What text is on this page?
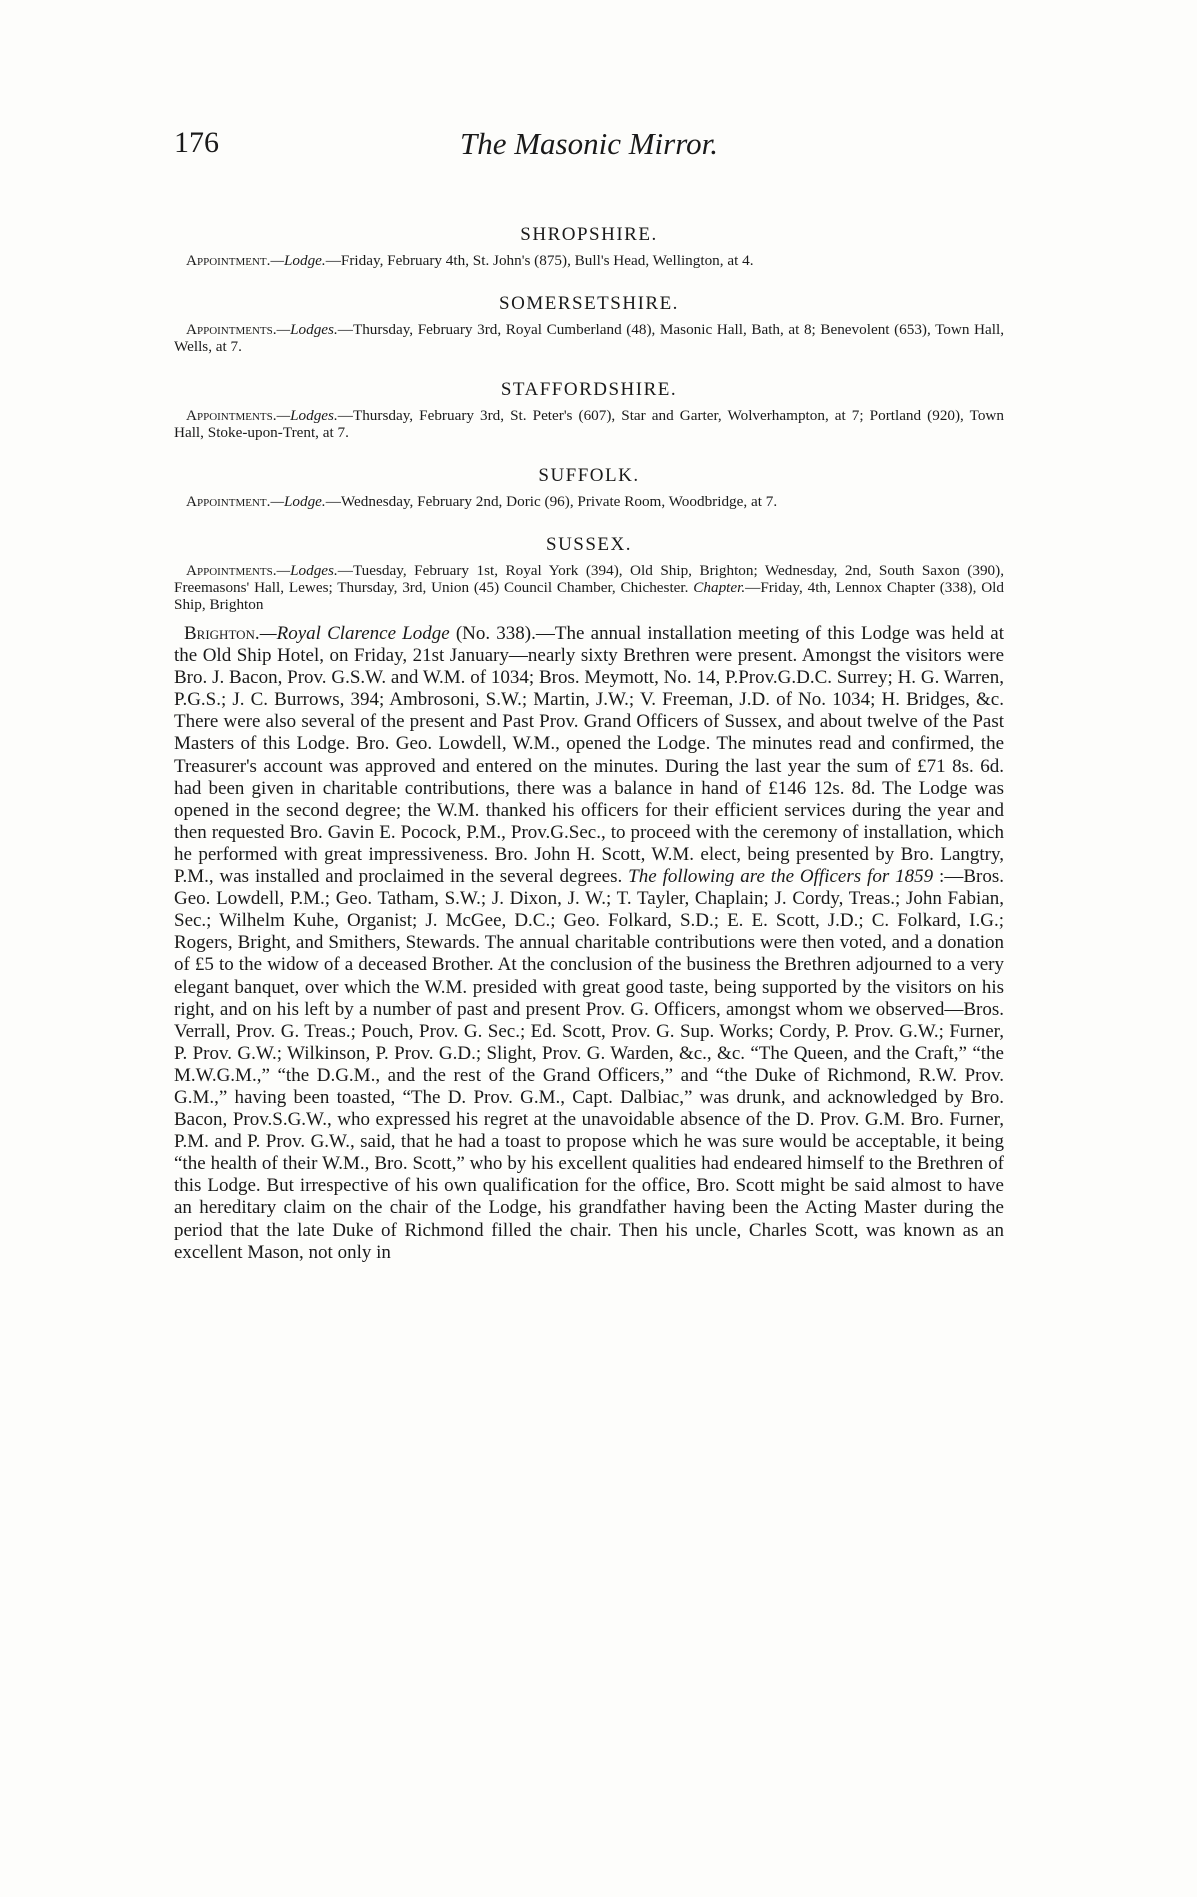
176	The Masonic Mirror.
SHROPSHIRE.

Appointment.—Lodge.—Friday, February 4th, St. John's (875), Bull's Head, Wellington, at 4.

SOMERSETSHIRE.

Appointments.—Lodges.—Thursday, February 3rd, Royal Cumberland (48), Masonic Hall, Bath, at 8; Benevolent (653), Town Hall, Wells, at 7.

STAFFORDSHIRE.

Appointments.—Lodges.—Thursday, February 3rd, St. Peter's (607), Star and Garter, Wolverhampton, at 7; Portland (920), Town Hall, Stoke-upon-Trent, at 7.

SUFFOLK.

Appointment.—Lodge.—Wednesday, February 2nd, Doric (96), Private Room, Woodbridge, at 7.

SUSSEX.

Appointments.—Lodges.—Tuesday, February 1st, Royal York (394), Old Ship, Brighton; Wednesday, 2nd, South Saxon (390), Freemasons' Hall, Lewes; Thursday, 3rd, Union (45) Council Chamber, Chichester. Chapter.—Friday, 4th, Lennox Chapter (338), Old Ship, Brighton

Brighton.—Royal Clarence Lodge (No. 338).—The annual installation meeting of this Lodge was held at the Old Ship Hotel, on Friday, 21st January—nearly sixty Brethren were present. Amongst the visitors were Bro. J. Bacon, Prov. G.S.W. and W.M. of 1034; Bros. Meymott, No. 14, P.Prov.G.D.C. Surrey; H. G. Warren, P.G.S.; J. C. Burrows, 394; Ambrosoni, S.W.; Martin, J.W.; V. Freeman, J.D. of No. 1034; H. Bridges, &c. There were also several of the present and Past Prov. Grand Officers of Sussex, and about twelve of the Past Masters of this Lodge. Bro. Geo. Lowdell, W.M., opened the Lodge. The minutes read and confirmed, the Treasurer's account was approved and entered on the minutes. During the last year the sum of £71 8s. 6d. had been given in charitable contributions, there was a balance in hand of £146 12s. 8d. The Lodge was opened in the second degree; the W.M. thanked his officers for their efficient services during the year and then requested Bro. Gavin E. Pocock, P.M., Prov.G.Sec., to proceed with the ceremony of installation, which he performed with great impressiveness. Bro. John H. Scott, W.M. elect, being presented by Bro. Langtry, P.M., was installed and proclaimed in the several degrees. The following are the Officers for 1859 :—Bros. Geo. Lowdell, P.M.; Geo. Tatham, S.W.; J. Dixon, J. W.; T. Tayler, Chaplain; J. Cordy, Treas.; John Fabian, Sec.; Wilhelm Kuhe, Organist; J. McGee, D.C.; Geo. Folkard, S.D.; E. E. Scott, J.D.; C. Folkard, I.G.; Rogers, Bright, and Smithers, Stewards. The annual charitable contributions were then voted, and a donation of £5 to the widow of a deceased Brother. At the conclusion of the business the Brethren adjourned to a very elegant banquet, over which the W.M. presided with great good taste, being supported by the visitors on his right, and on his left by a number of past and present Prov. G. Officers, amongst whom we observed—Bros. Verrall, Prov. G. Treas.; Pouch, Prov. G. Sec.; Ed. Scott, Prov. G. Sup. Works; Cordy, P. Prov. G.W.; Furner, P. Prov. G.W.; Wilkinson, P. Prov. G.D.; Slight, Prov. G. Warden, &c., &c. “The Queen, and the Craft,” “the M.W.G.M.,” “the D.G.M., and the rest of the Grand Officers,” and “the Duke of Richmond, R.W. Prov. G.M.,” having been toasted, “The D. Prov. G.M., Capt. Dalbiac,” was drunk, and acknowledged by Bro. Bacon, Prov.S.G.W., who expressed his regret at the unavoidable absence of the D. Prov. G.M. Bro. Furner, P.M. and P. Prov. G.W., said, that he had a toast to propose which he was sure would be acceptable, it being “the health of their W.M., Bro. Scott,” who by his excellent qualities had endeared himself to the Brethren of this Lodge. But irrespective of his own qualification for the office, Bro. Scott might be said almost to have an hereditary claim on the chair of the Lodge, his grandfather having been the Acting Master during the period that the late Duke of Richmond filled the chair. Then his uncle, Charles Scott, was known as an excellent Mason, not only in
